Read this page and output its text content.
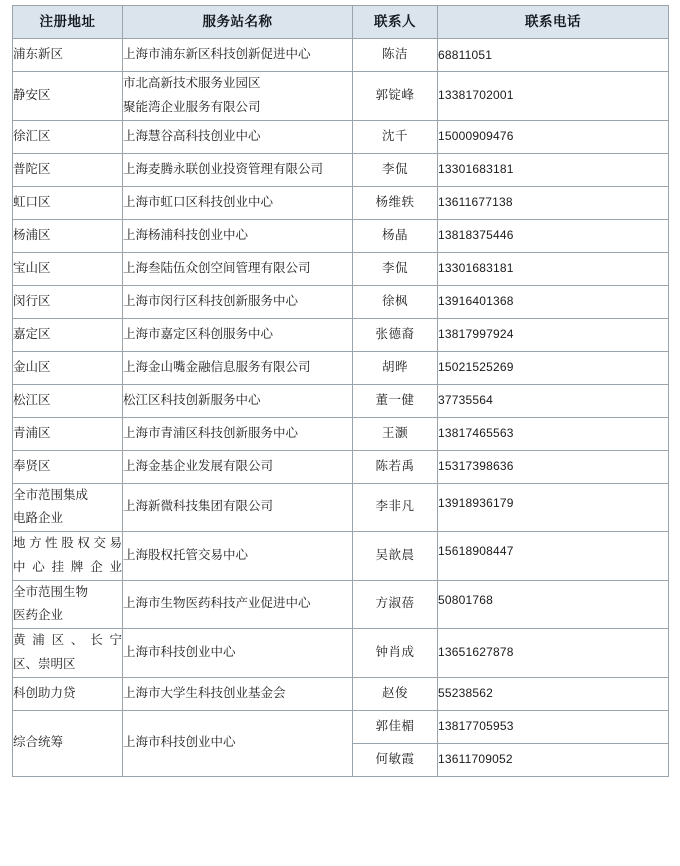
注册地址	服务站名称	联系人	联系电话
浦东新区	上海市浦东新区科技创新促进中心	陈洁	68811051
静安区	市北高新技术服务业园区
聚能湾企业服务有限公司	郭锭峰	13381702001
徐汇区	上海慧谷高科技创业中心	沈千	15000909476
普陀区	上海麦腾永联创业投资管理有限公司	李侃	13301683181
虹口区	上海市虹口区科技创业中心	杨维轶	13611677138
杨浦区	上海杨浦科技创业中心	杨晶	13818375446
宝山区	上海叁陆伍众创空间管理有限公司	李侃	13301683181
闵行区	上海市闵行区科技创新服务中心	徐枫	13916401368
嘉定区	上海市嘉定区科创服务中心	张德裔	13817997924
金山区	上海金山嘴金融信息服务有限公司	胡晔	15021525269
松江区	松江区科技创新服务中心	董一健	37735564
青浦区	上海市青浦区科技创新服务中心	王灏	13817465563
奉贤区	上海金基企业发展有限公司	陈若禹	15317398636

全市范围集成
电路企业	上海新微科技集团有限公司	李非凡	13918936179

地方性股权交易
中心挂牌企业	上海股权托管交易中心	吴歆晨	15618908447

全市范围生物
医药企业	上海市生物医药科技产业促进中心	方淑蓓	50801768

黄浦区、长宁
区、崇明区	上海市科技创业中心	钟肖成	13651627878
科创助力贷	上海市大学生科技创业基金会	赵俊	55238562
综合统筹	上海市科技创业中心	郭佳楣	13817705953
		何敏霞	13611709052
